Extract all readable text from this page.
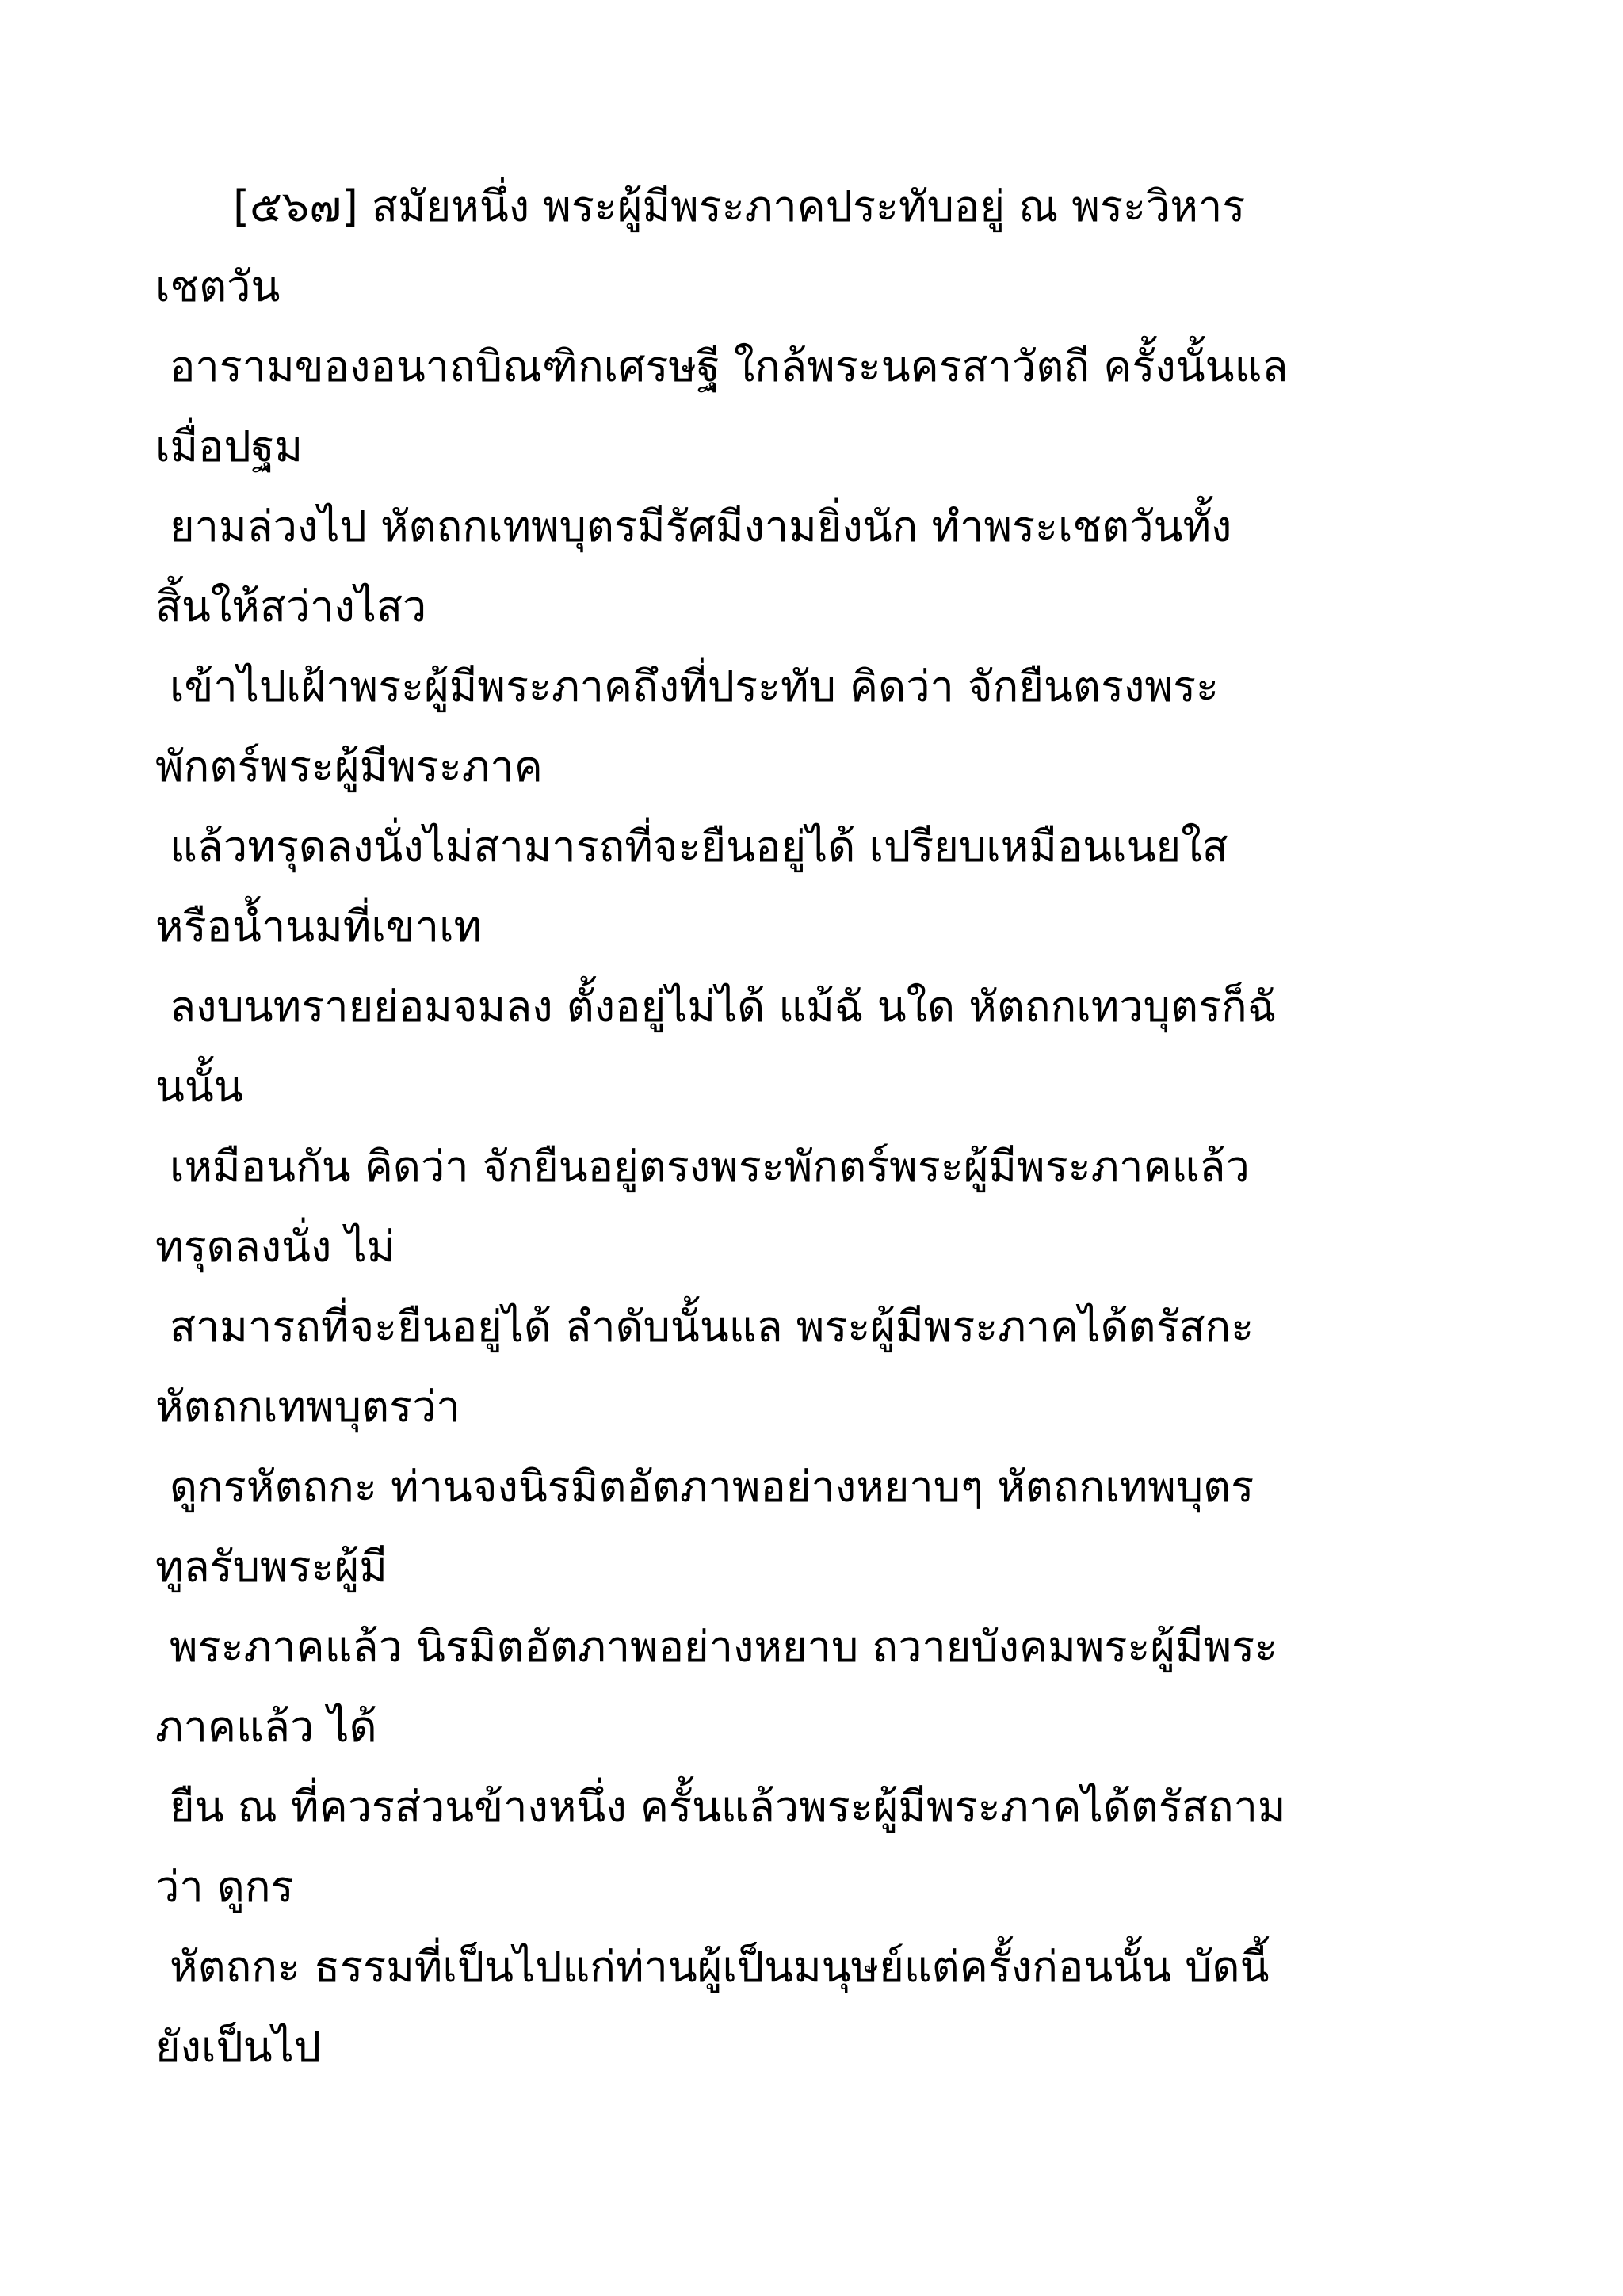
[๕๖๗] สมัยหนึ่ง พระผู้มีพระภาคประทับอยู่ ณ พระวิหาร
เชตวัน
อารามของอนาถบิณฑิกเศรษฐี ใกล้พระนครสาวัตถี ครั้งนั้นแล
เมื่อปฐม
ยามล่วงไป หัตถกเทพบุตรมีรัศมีงามยิ่งนัก ทำพระเชตวันทั้ง
สิ้นให้สว่างไสว
เข้าไปเฝ้าพระผู้มีพระภาคถึงที่ประทับ คิดว่า จักยืนตรงพระ
พักตร์พระผู้มีพระภาค
แล้วทรุดลงนั่งไม่สามารถที่จะยืนอยู่ได้ เปรียบเหมือนเนยใส
หรือน้ำนมที่เขาเท
ลงบนทรายย่อมจมลง ตั้งอยู่ไม่ได้ แม้ฉั นใด หัตถกเทวบุตรก็ฉั
นนั้น
เหมือนกัน คิดว่า จักยืนอยู่ตรงพระพักตร์พระผู้มีพระภาคแล้ว
ทรุดลงนั่ง ไม่
สามารถที่จะยืนอยู่ได้ ลำดับนั้นแล พระผู้มีพระภาคได้ตรัสกะ
หัตถกเทพบุตรว่า
ดูกรหัตถกะ ท่านจงนิรมิตอัตภาพอย่างหยาบๆ หัตถกเทพบุตร
ทูลรับพระผู้มี
พระภาคแล้ว นิรมิตอัตภาพอย่างหยาบ ถวายบังคมพระผู้มีพระ
ภาคแล้ว ได้
ยืน ณ ที่ควรส่วนข้างหนึ่ง ครั้นแล้วพระผู้มีพระภาคได้ตรัสถาม
ว่า ดูกร
หัตถกะ ธรรมที่เป็นไปแก่ท่านผู้เป็นมนุษย์แต่ครั้งก่อนนั้น บัดนี้
ยังเป็นไป
